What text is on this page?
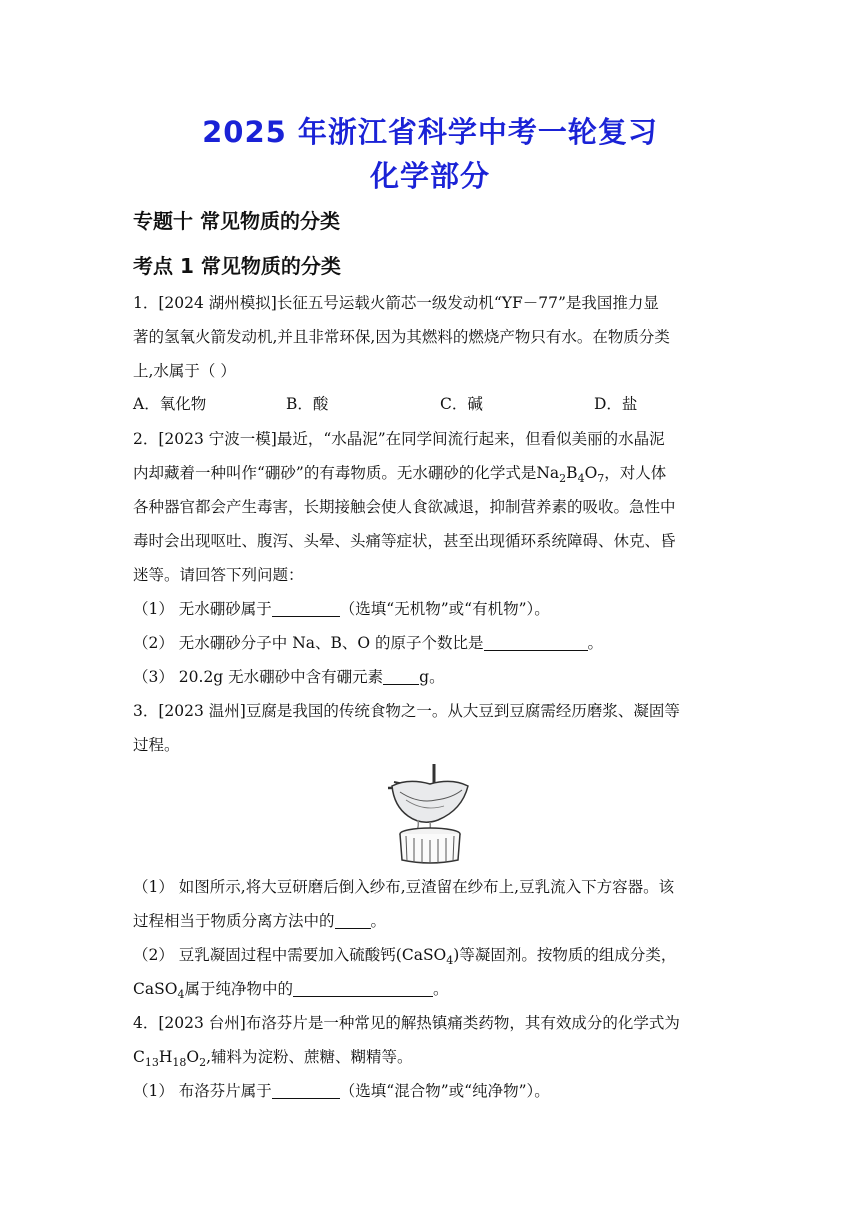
2025 年浙江省科学中考一轮复习
化学部分
专题十 常见物质的分类
考点 1 常见物质的分类
1．[2024 湖州模拟]长征五号运载火箭芯一级发动机“YF－77”是我国推力显
著的氢氧火箭发动机,并且非常环保,因为其燃料的燃烧产物只有水。在物质分类
上,水属于（ ）
A．氧化物	B．酸	C．碱	D．盐
2．[2023 宁波一模]最近，“水晶泥”在同学间流行起来，但看似美丽的水晶泥
内却藏着一种叫作“硼砂”的有毒物质。无水硼砂的化学式是$Na_2B_4O_7$，对人体
各种器官都会产生毒害，长期接触会使人食欲减退，抑制营养素的吸收。急性中
毒时会出现呕吐、腹泻、头晕、头痛等症状，甚至出现循环系统障碍、休克、昏
迷等。请回答下列问题：
（1） 无水硼砂属于	（选填“无机物”或“有机物”）。
（2） 无水硼砂分子中 Na、B、O 的原子个数比是	。
（3） 20.2g 无水硼砂中含有硼元素 g。
3．[2023 温州]豆腐是我国的传统食物之一。从大豆到豆腐需经历磨浆、凝固等
过程。
（1） 如图所示,将大豆研磨后倒入纱布,豆渣留在纱布上,豆乳流入下方容器。该
过程相当于物质分离方法中的 。
（2） 豆乳凝固过程中需要加入硫酸钙(CaSO$_4$)等凝固剂。按物质的组成分类，
CaSO$_4$属于纯净物中的	。
4．[2023 台州]布洛芬片是一种常见的解热镇痛类药物，其有效成分的化学式为
$C_{13}H_{18}O_2$,辅料为淀粉、蔗糖、糊精等。
（1） 布洛芬片属于	（选填“混合物”或“纯净物”）。
